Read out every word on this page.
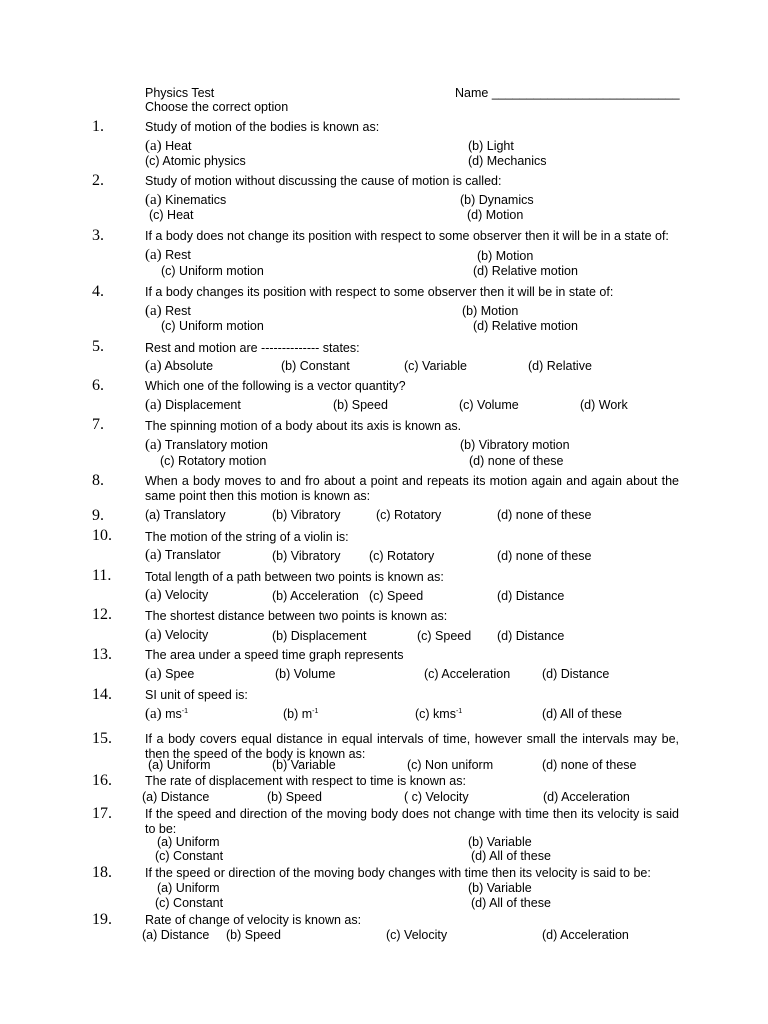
Physics Test	Name ___________________________
Choose the correct option
1.	Study of motion of the bodies is known as:
(a) Heat	(b) Light
(c) Atomic physics	(d) Mechanics
2.	Study of motion without discussing the cause of motion is called:
(a) Kinematics	(b) Dynamics
(c) Heat	(d) Motion
3.	If a body does not change its position with respect to some observer then it will be in a state of:
(a) Rest	(b) Motion
(c) Uniform motion	(d) Relative motion
4.	If a body changes its position with respect to some observer then it will be in state of:
(a) Rest	(b) Motion
(c) Uniform motion	(d) Relative motion
5.	Rest and motion are -------------- states:
(a) Absolute	(b) Constant	(c) Variable	(d) Relative
6.	Which one of the following is a vector quantity?
(a) Displacement	(b) Speed	(c) Volume	(d) Work
7.	The spinning motion of a body about its axis is known as.
(a) Translatory motion	(b) Vibratory motion
(c) Rotatory motion	(d) none of these
8.	When a body moves to and fro about a point and repeats its motion again and again about the same point then this motion is known as:
9.	(a) Translatory	(b) Vibratory	(c) Rotatory	(d) none of these
10.	The motion of the string of a violin is:
(a) Translator	(b) Vibratory (c) Rotatory	(d) none of these
11.	Total length of a path between two points is known as:
(a) Velocity	(b) Acceleration (c) Speed	(d) Distance
12.	The shortest distance between two points is known as:
(a) Velocity	(b) Displacement	(c) Speed (d) Distance
13.	The area under a speed time graph represents
(a) Spee	(b) Volume	(c) Acceleration	(d) Distance
14.	SI unit of speed is:
(a) $ms^{-1}$	(b) $m^{-1}$	(c) kms$^{-1}$	(d) All of these
15.	If a body covers equal distance in equal intervals of time, however small the intervals may be, then the speed of the body is known as:
(a) Uniform	(b) Variable	(c) Non uniform	(d) none of these
16.	The rate of displacement with respect to time is known as:
(a) Distance	(b) Speed	( c) Velocity	(d) Acceleration
17.	If the speed and direction of the moving body does not change with time then its velocity is said to be:
(a) Uniform	(b) Variable
(c) Constant	(d) All of these
18.	If the speed or direction of the moving body changes with time then its velocity is said to be:
(a) Uniform	(b) Variable
(c) Constant	(d) All of these
19.	Rate of change of velocity is known as:
(a) Distance (b) Speed	(c) Velocity	(d) Acceleration
